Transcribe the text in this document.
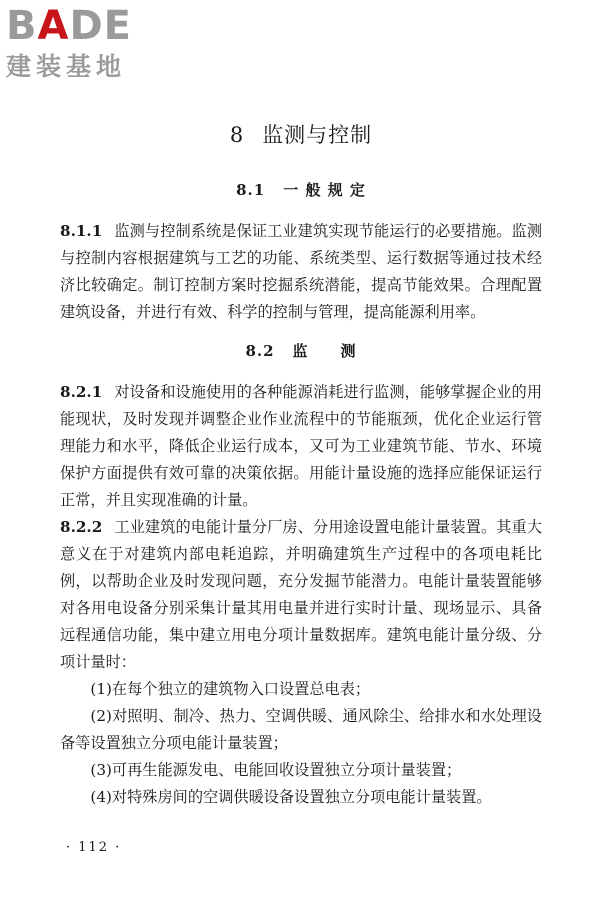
BADE
建装基地
8 监测与控制
8.1 一 般 规 定

8.1.1 监测与控制系统是保证工业建筑实现节能运行的必要措施。监测与控制内容根据建筑与工艺的功能、系统类型、运行数据等通过技术经济比较确定。制订控制方案时挖掘系统潜能，提高节能效果。合理配置建筑设备，并进行有效、科学的控制与管理，提高能源利用率。

8.2 监　　测

8.2.1 对设备和设施使用的各种能源消耗进行监测，能够掌握企业的用能现状，及时发现并调整企业作业流程中的节能瓶颈，优化企业运行管理能力和水平，降低企业运行成本，又可为工业建筑节能、节水、环境保护方面提供有效可靠的决策依据。用能计量设施的选择应能保证运行正常，并且实现准确的计量。

8.2.2 工业建筑的电能计量分厂房、分用途设置电能计量装置。其重大意义在于对建筑内部电耗追踪，并明确建筑生产过程中的各项电耗比例，以帮助企业及时发现问题，充分发掘节能潜力。电能计量装置能够对各用电设备分别采集计量其用电量并进行实时计量、现场显示、具备远程通信功能，集中建立用电分项计量数据库。建筑电能计量分级、分项计量时：

(1)在每个独立的建筑物入口设置总电表；

(2)对照明、制冷、热力、空调供暖、通风除尘、给排水和水处理设备等设置独立分项电能计量装置；

(3)可再生能源发电、电能回收设置独立分项计量装置；

(4)对特殊房间的空调供暖设备设置独立分项电能计量装置。

· 112 ·
